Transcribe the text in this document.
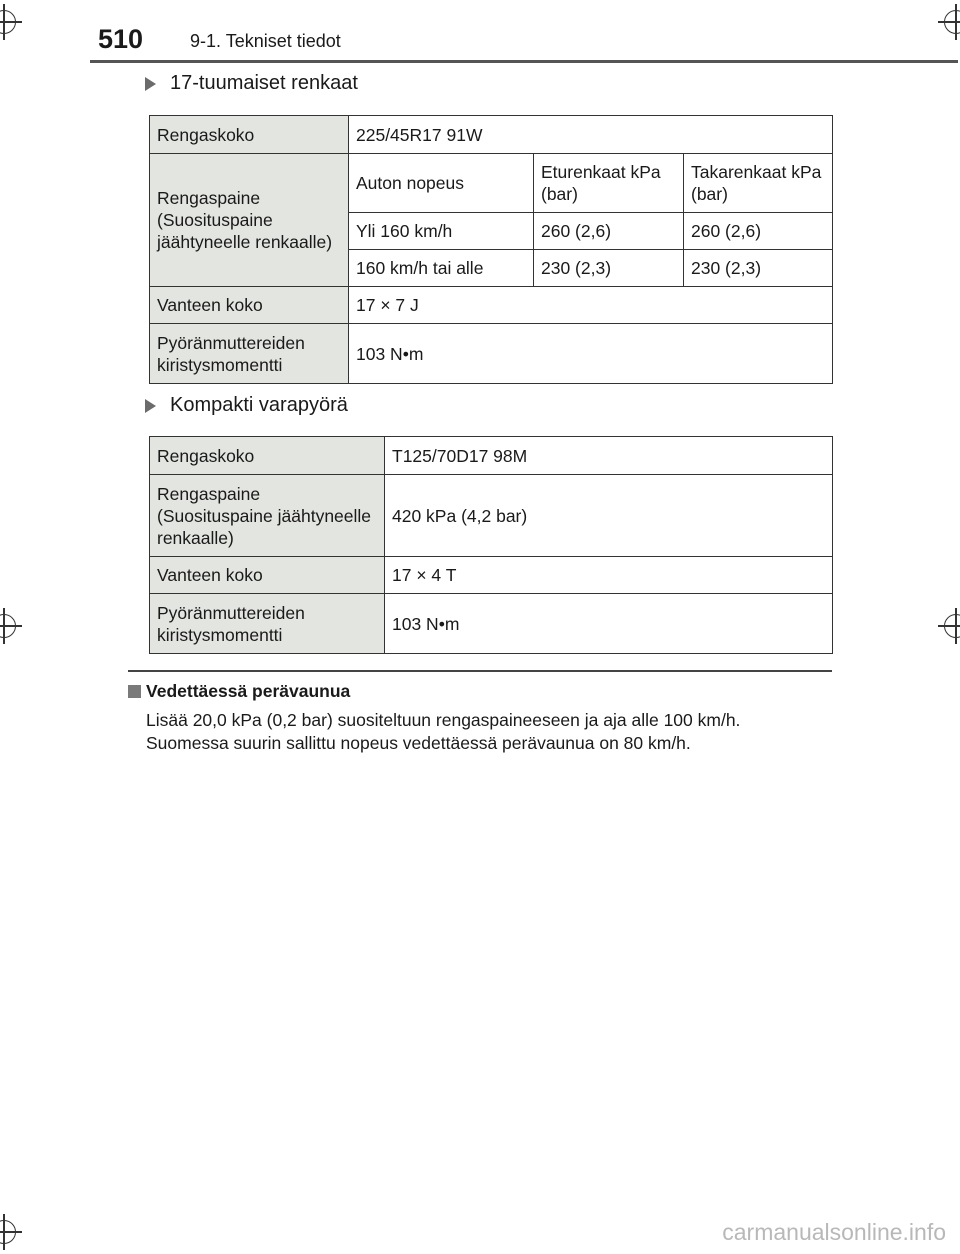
510	9-1. Tekniset tiedot
17-tuumaiset renkaat
Rengaskoko	225/45R17 91W		
Rengaspaine (Suosituspaine jäähtyneelle renkaalle)	Auton nopeus	Eturenkaat kPa (bar)	Takarenkaat kPa (bar)
	Yli 160 km/h	260 (2,6)	260 (2,6)
	160 km/h tai alle	230 (2,3)	230 (2,3)
Vanteen koko	17 × 7 J		
Pyöränmuttereiden kiristysmomentti	103 N•m		
Kompakti varapyörä
Rengaskoko	T125/70D17 98M
Rengaspaine (Suosituspaine jäähtyneelle renkaalle)	420 kPa (4,2 bar)
Vanteen koko	17 × 4 T
Pyöränmuttereiden kiristysmomentti	103 N•m
Vedettäessä perävaunua
Lisää 20,0 kPa (0,2 bar) suositeltuun rengaspaineeseen ja aja alle 100 km/h.
Suomessa suurin sallittu nopeus vedettäessä perävaunua on 80 km/h.
carmanualsonline.info
